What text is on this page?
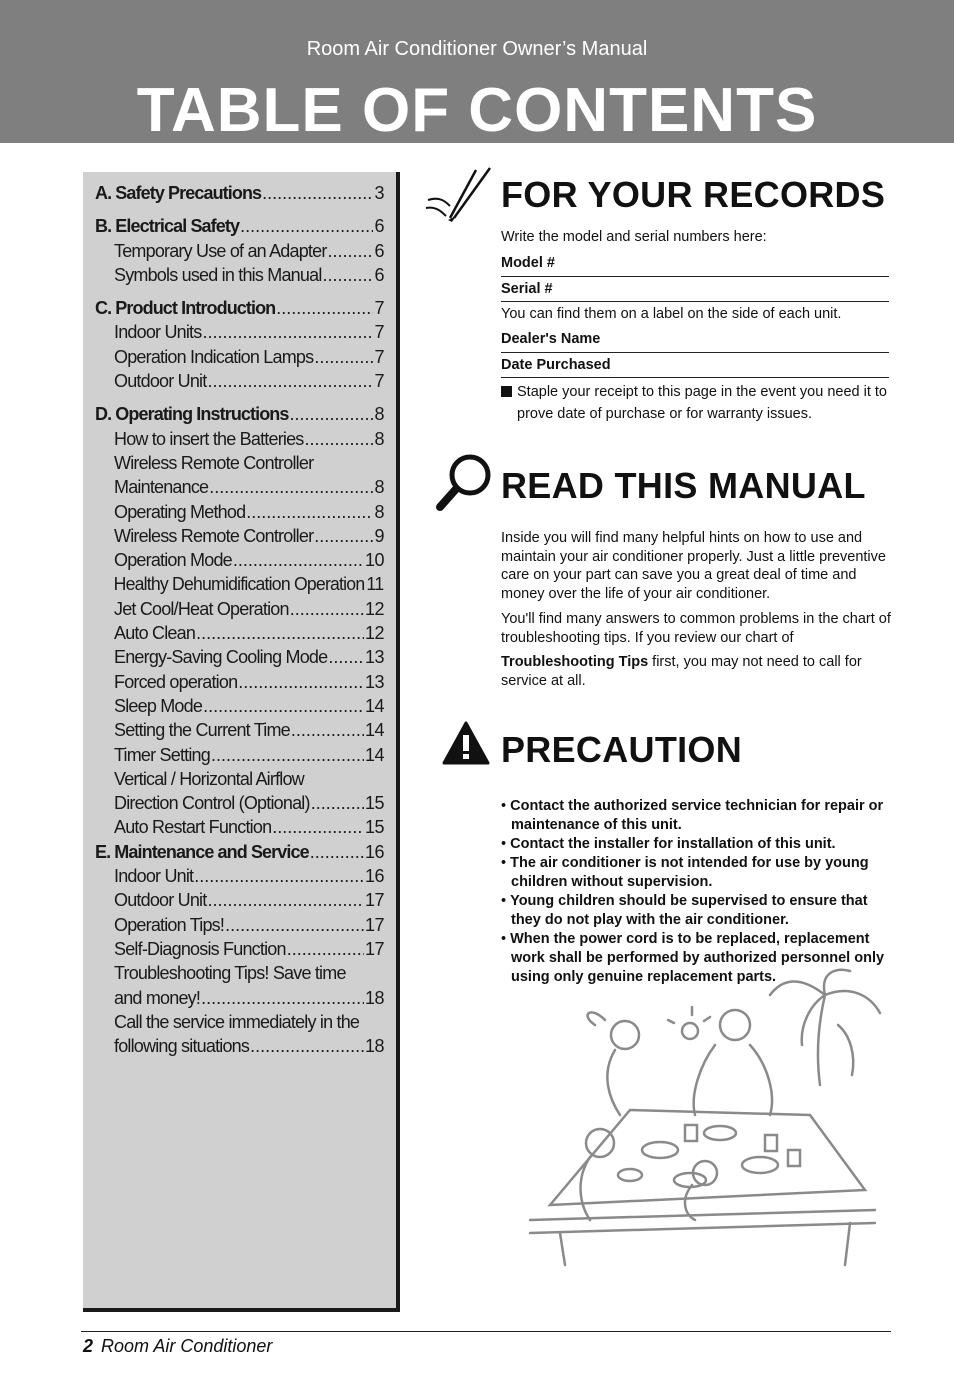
Room Air Conditioner Owner’s Manual
TABLE OF CONTENTS
A. Safety Precautions .....	3
B. Electrical Safety .....	6
Temporary Use of an Adapter .....	6
Symbols used in this Manual .....	6
C. Product Introduction .....	7
Indoor Units .....	7
Operation Indication Lamps .....	7
Outdoor Unit .....	7
D. Operating Instructions .....	8
How to insert the Batteries .....	8
Wireless Remote Controller
Maintenance .....	8
Operating Method .....	8
Wireless Remote Controller .....	9
Operation Mode .....	10
Healthy Dehumidification Operation 11
Jet Cool/Heat Operation .....	12
Auto Clean .....	12
Energy-Saving Cooling Mode ..... 13
Forced operation .....	13
Sleep Mode .....	14
Setting the Current Time .....	14
Timer Setting .....	14
Vertical / Horizontal Airflow
Direction Control (Optional) .....	15
Auto Restart Function .....	15
E. Maintenance and Service .....	16
Indoor Unit .....	16
Outdoor Unit .....	17
Operation Tips! .....	17
Self-Diagnosis Function .....	17
Troubleshooting Tips! Save time
and money! .....	18
Call the service immediately in the
following situations .....	18
FOR YOUR RECORDS
Write the model and serial numbers here:
Model #
Serial #
You can find them on a label on the side of each unit.
Dealer's Name
Date Purchased
Staple your receipt to this page in the event you need it to prove date of purchase or for warranty issues.
READ THIS MANUAL
Inside you will find many helpful hints on how to use and maintain your air conditioner properly. Just a little preventive care on your part can save you a great deal of time and money over the life of your air conditioner.
You'll find many answers to common problems in the chart of troubleshooting tips. If you review our chart of
Troubleshooting Tips first, you may not need to call for service at all.
PRECAUTION
• Contact the authorized service technician for repair or maintenance of this unit.
• Contact the installer for installation of this unit.
• The air conditioner is not intended for use by young children without supervision.
• Young children should be supervised to ensure that they do not play with the air conditioner.
• When the power cord is to be replaced, replacement work shall be performed by authorized personnel only using only genuine replacement parts.
2 Room Air Conditioner
